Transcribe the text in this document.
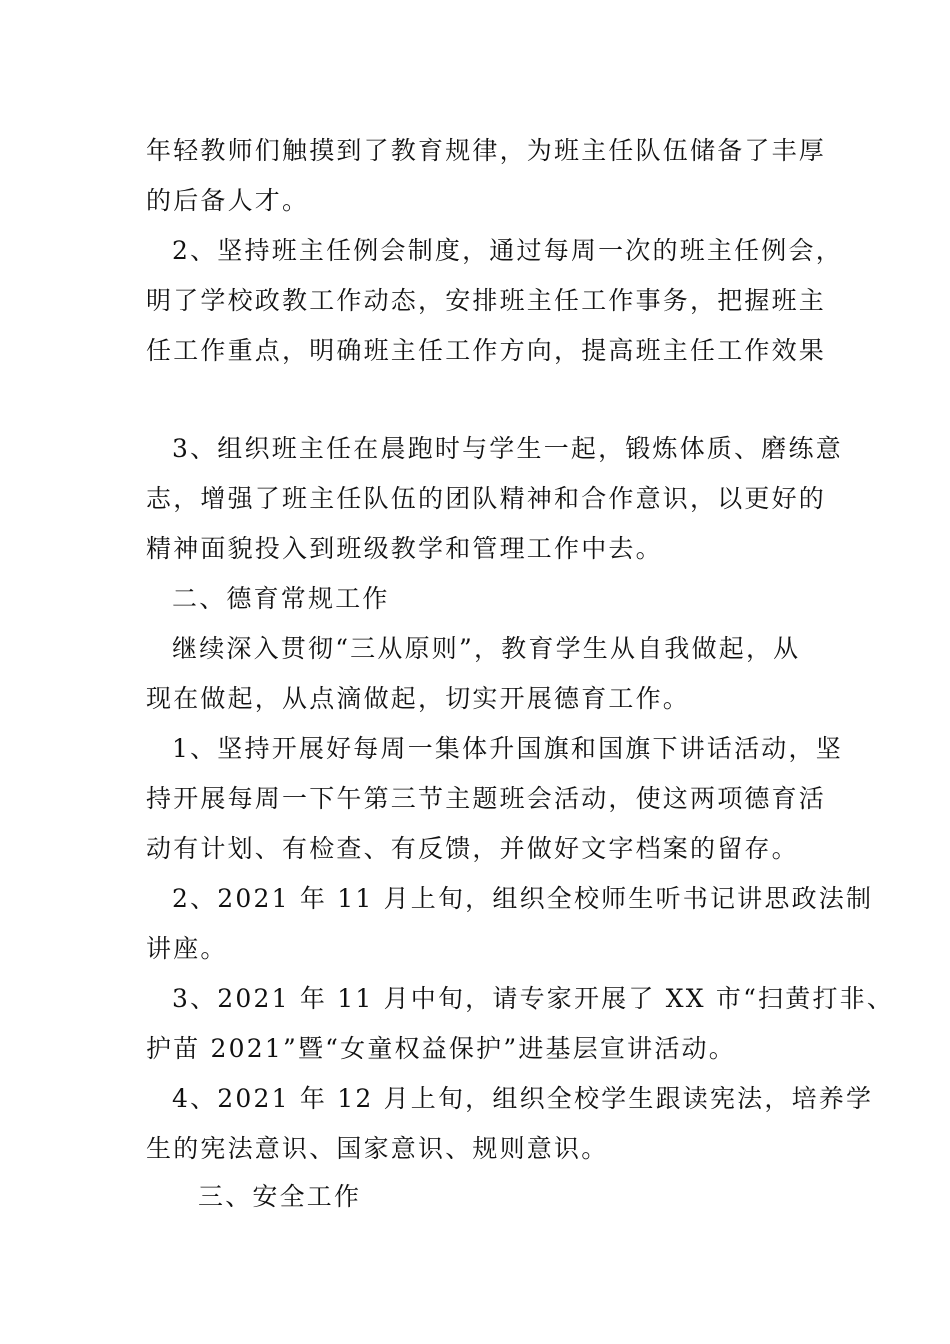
年轻教师们触摸到了教育规律，为班主任队伍储备了丰厚
的后备人才。
2、坚持班主任例会制度，通过每周一次的班主任例会，
明了学校政教工作动态，安排班主任工作事务，把握班主
任工作重点，明确班主任工作方向，提高班主任工作效果
3、组织班主任在晨跑时与学生一起，锻炼体质、磨练意
志，增强了班主任队伍的团队精神和合作意识，以更好的
精神面貌投入到班级教学和管理工作中去。
二、德育常规工作
继续深入贯彻“三从原则”，教育学生从自我做起，从
现在做起，从点滴做起，切实开展德育工作。
1、坚持开展好每周一集体升国旗和国旗下讲话活动，坚
持开展每周一下午第三节主题班会活动，使这两项德育活
动有计划、有检查、有反馈，并做好文字档案的留存。
2、2021 年 11 月上旬，组织全校师生听书记讲思政法制
讲座。
3、2021 年 11 月中旬，请专家开展了 XX 市“扫黄打非、
护苗 2021”暨“女童权益保护”进基层宣讲活动。
4、2021 年 12 月上旬，组织全校学生跟读宪法，培养学
生的宪法意识、国家意识、规则意识。
三、安全工作
